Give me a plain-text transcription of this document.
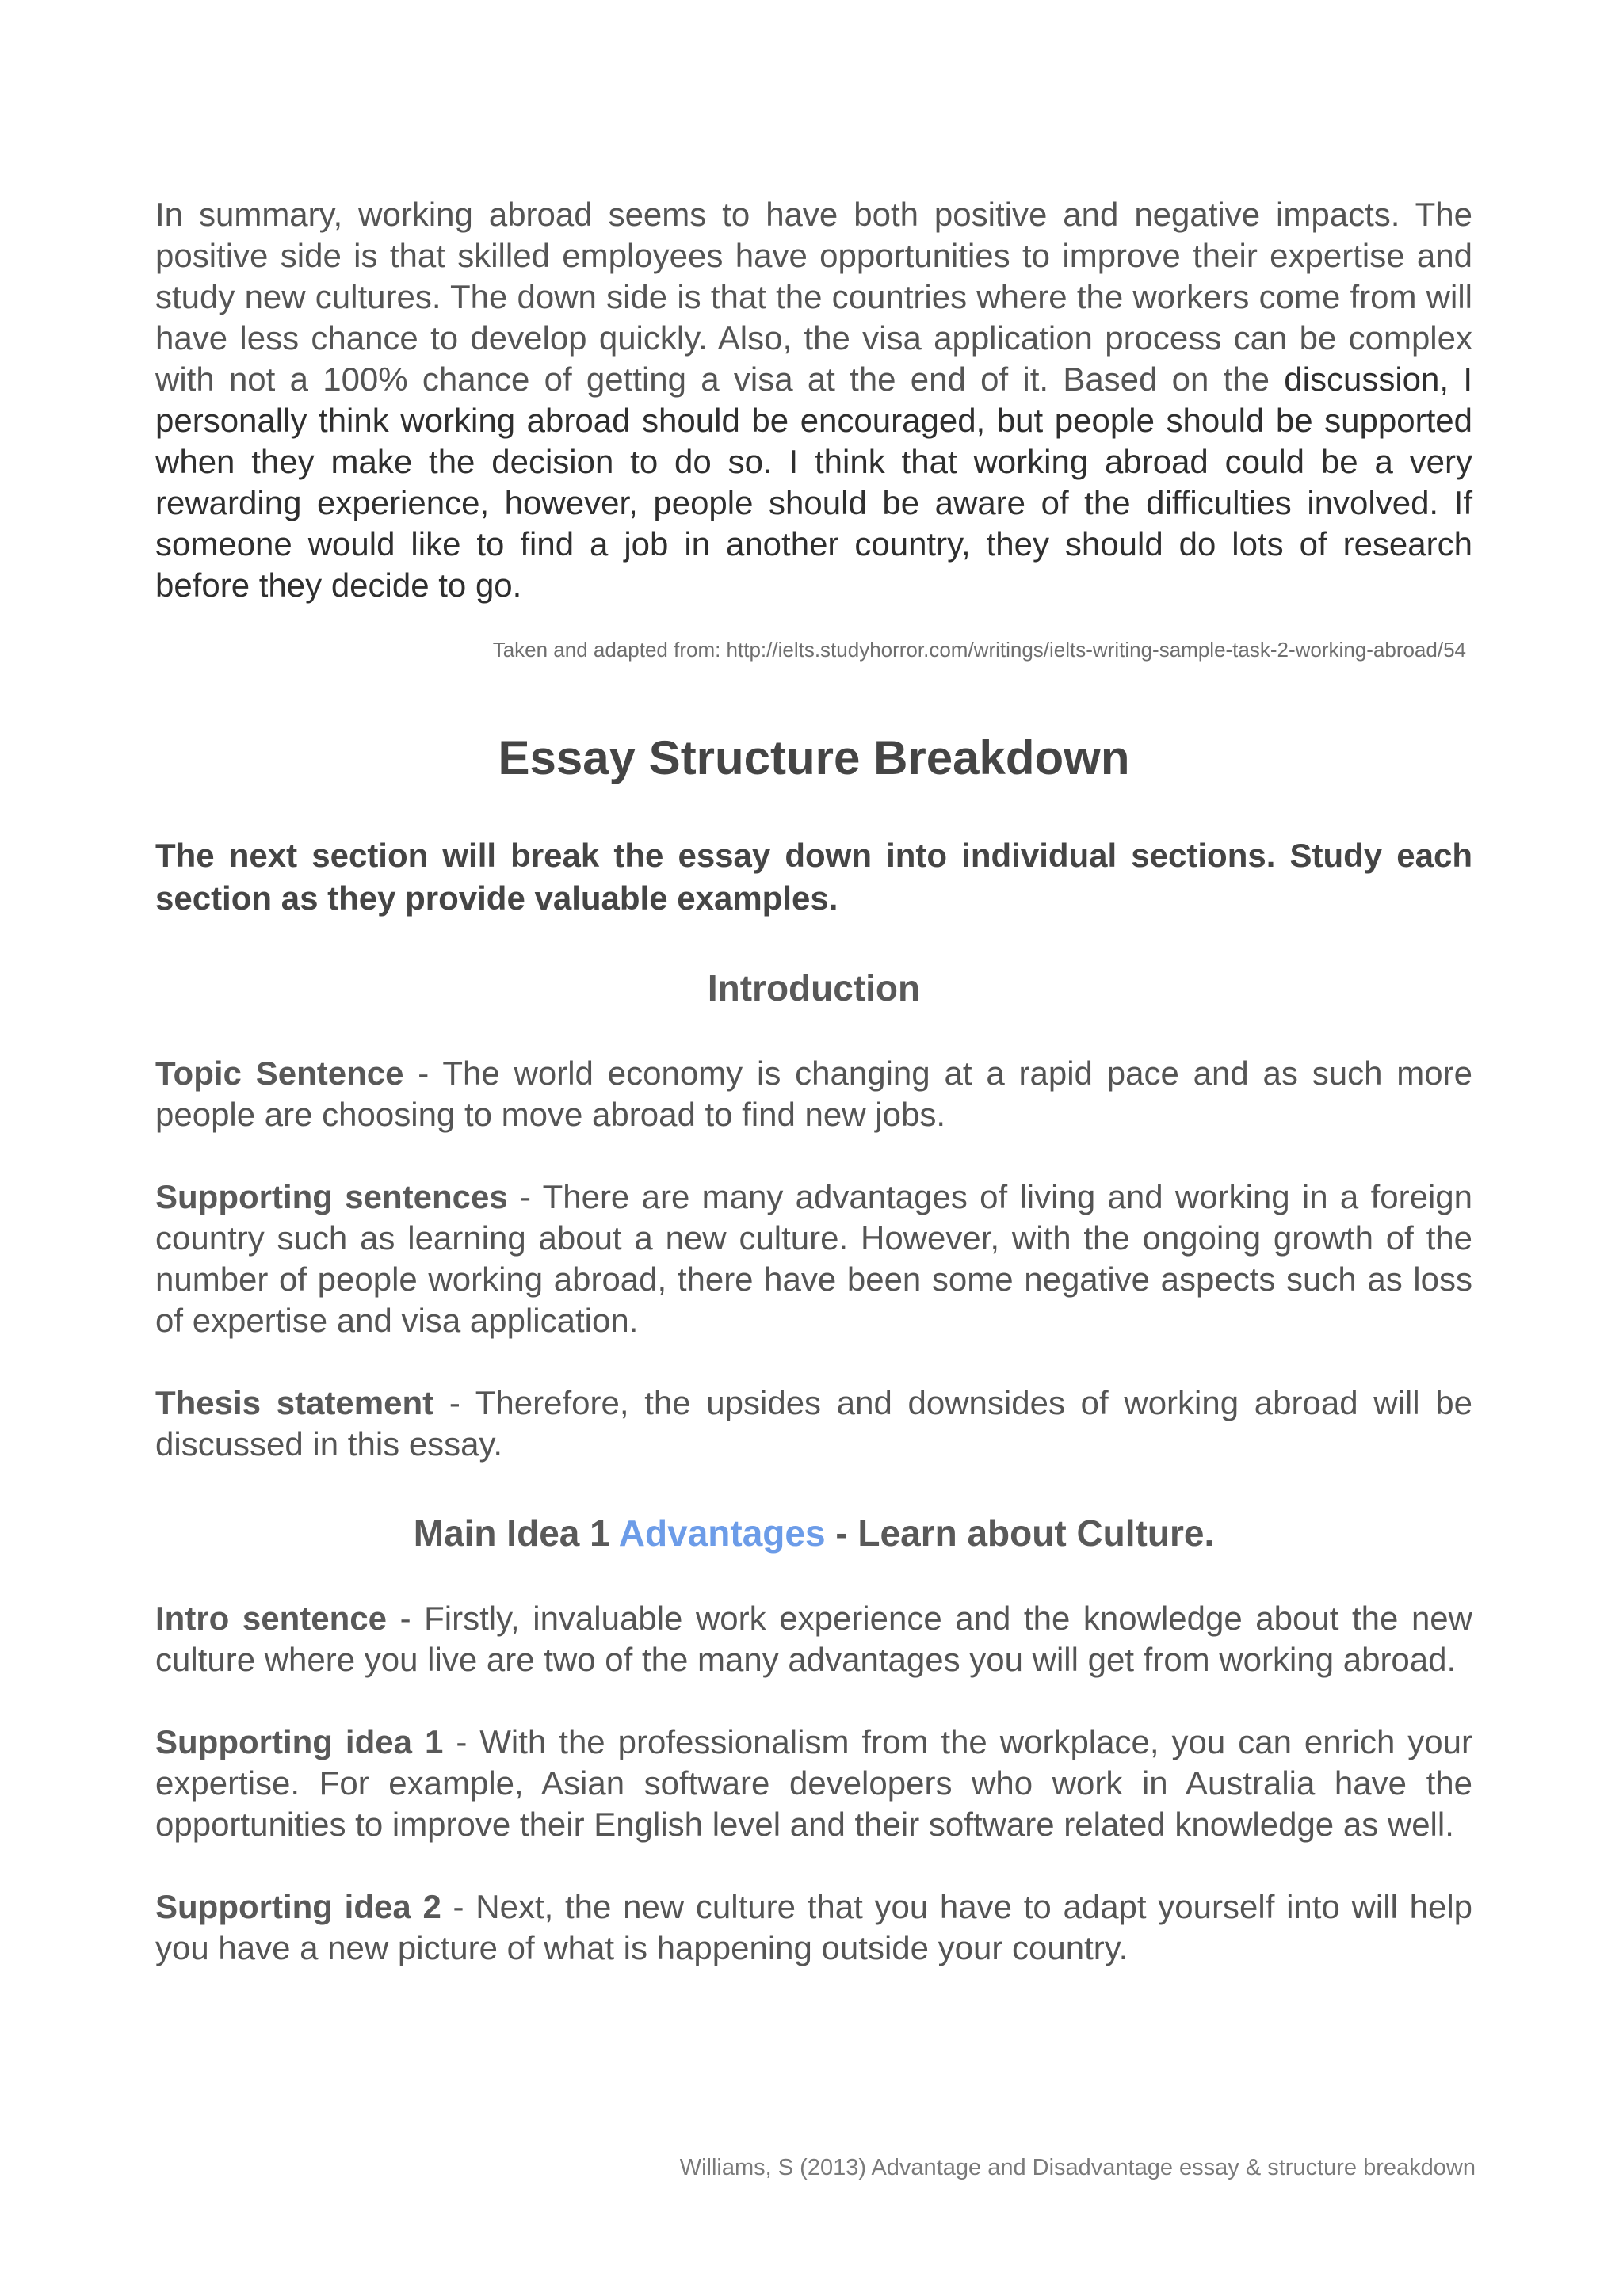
In summary, working abroad seems to have both positive and negative impacts. The positive side is that skilled employees have opportunities to improve their expertise and study new cultures. The down side is that the countries where the workers come from will have less chance to develop quickly. Also, the visa application process can be complex with not a 100% chance of getting a visa at the end of it. Based on the discussion, I personally think working abroad should be encouraged, but people should be supported when they make the decision to do so. I think that working abroad could be a very rewarding experience, however, people should be aware of the difficulties involved. If someone would like to find a job in another country, they should do lots of research before they decide to go.

Taken and adapted from: http://ielts.studyhorror.com/writings/ielts-writing-sample-task-2-working-abroad/54

Essay Structure Breakdown

The next section will break the essay down into individual sections. Study each section as they provide valuable examples.

Introduction

Topic Sentence - The world economy is changing at a rapid pace and as such more people are choosing to move abroad to find new jobs.

Supporting sentences - There are many advantages of living and working in a foreign country such as learning about a new culture. However, with the ongoing growth of the number of people working abroad, there have been some negative aspects such as loss of expertise and visa application.

Thesis statement - Therefore, the upsides and downsides of working abroad will be discussed in this essay.

Main Idea 1 Advantages - Learn about Culture.

Intro sentence - Firstly, invaluable work experience and the knowledge about the new culture where you live are two of the many advantages you will get from working abroad.

Supporting idea 1 - With the professionalism from the workplace, you can enrich your expertise. For example, Asian software developers who work in Australia have the opportunities to improve their English level and their software related knowledge as well.

Supporting idea 2 - Next, the new culture that you have to adapt yourself into will help you have a new picture of what is happening outside your country.

Williams, S (2013) Advantage and Disadvantage essay & structure breakdown
